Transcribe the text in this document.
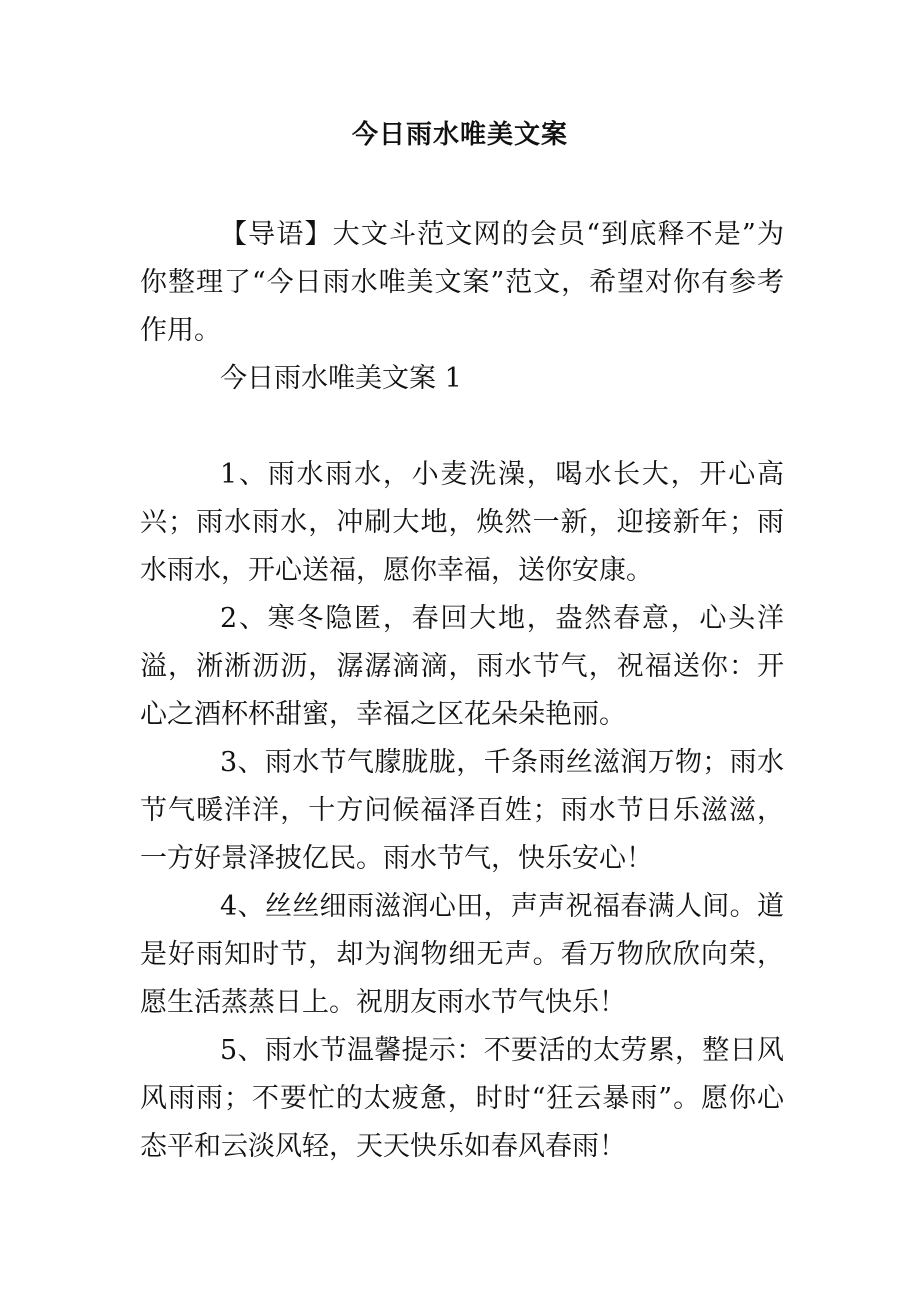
今日雨水唯美文案

【导语】大文斗范文网的会员“到底释不是”为你整理了“今日雨水唯美文案”范文，希望对你有参考作用。

今日雨水唯美文案 1

1、雨水雨水，小麦洗澡，喝水长大，开心高兴；雨水雨水，冲刷大地，焕然一新，迎接新年；雨水雨水，开心送福，愿你幸福，送你安康。

2、寒冬隐匿，春回大地，盎然春意，心头洋溢，淅淅沥沥，潺潺滴滴，雨水节气，祝福送你：开心之酒杯杯甜蜜，幸福之区花朵朵艳丽。

3、雨水节气朦胧胧，千条雨丝滋润万物；雨水节气暖洋洋，十方问候福泽百姓；雨水节日乐滋滋，一方好景泽披亿民。雨水节气，快乐安心！

4、丝丝细雨滋润心田，声声祝福春满人间。道是好雨知时节，却为润物细无声。看万物欣欣向荣，愿生活蒸蒸日上。祝朋友雨水节气快乐！

5、雨水节温馨提示：不要活的太劳累，整日风风雨雨；不要忙的太疲惫，时时“狂云暴雨”。愿你心态平和云淡风轻，天天快乐如春风春雨！
